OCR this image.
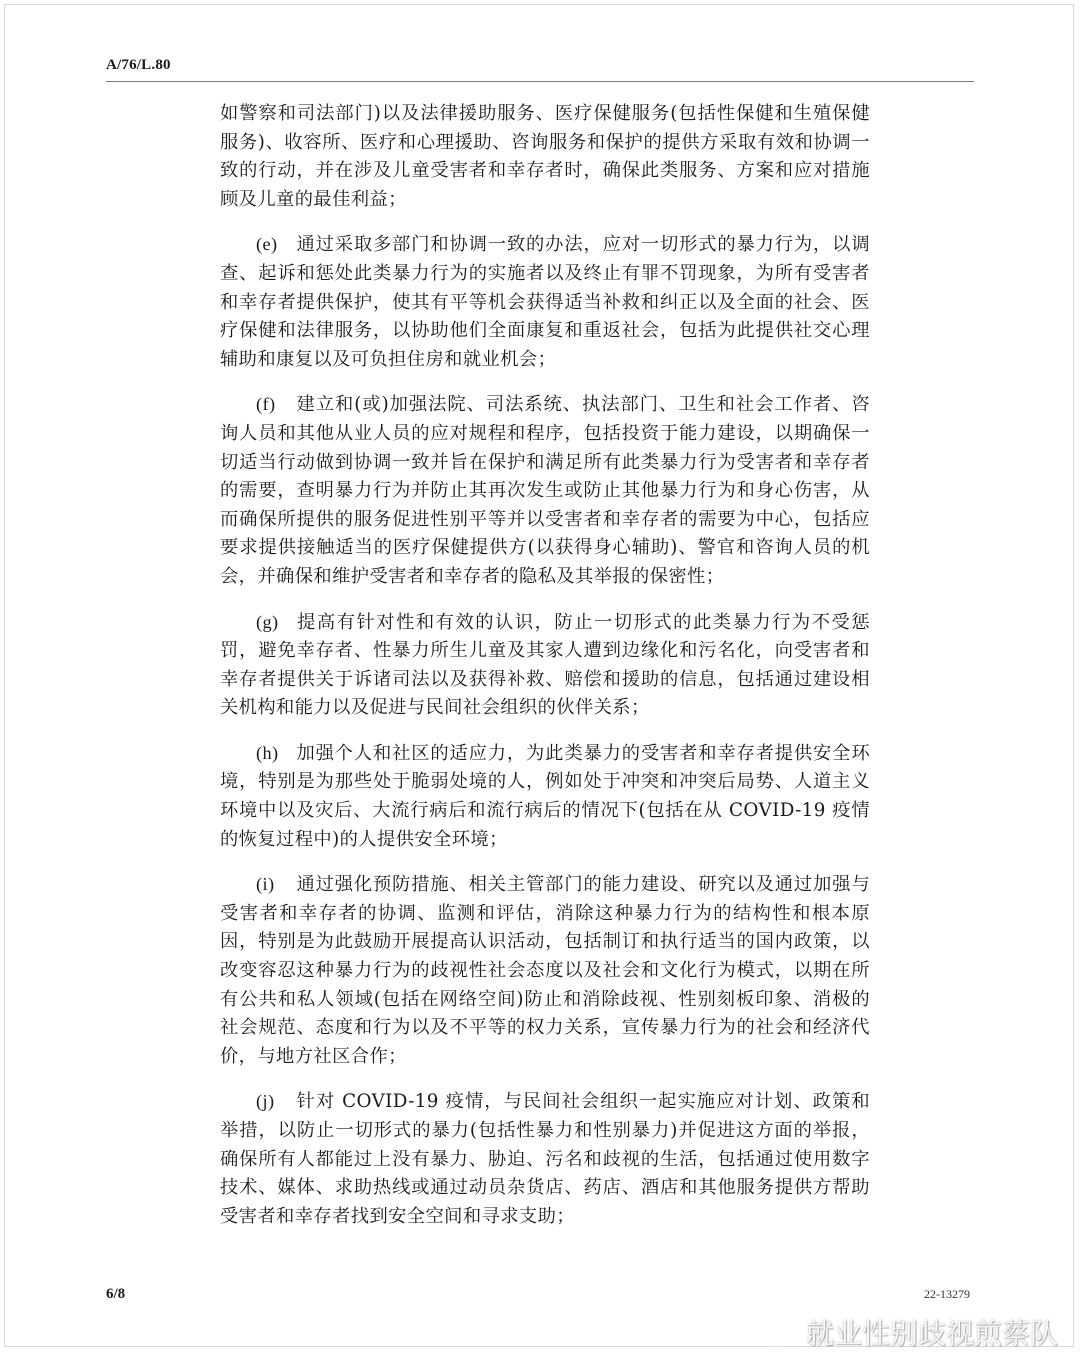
A/76/L.80

如警察和司法部门)以及法律援助服务、医疗保健服务(包括性保健和生殖保健服务)、收容所、医疗和心理援助、咨询服务和保护的提供方采取有效和协调一致的行动，并在涉及儿童受害者和幸存者时，确保此类服务、方案和应对措施顾及儿童的最佳利益；

(e) 通过采取多部门和协调一致的办法，应对一切形式的暴力行为，以调查、起诉和惩处此类暴力行为的实施者以及终止有罪不罚现象，为所有受害者和幸存者提供保护，使其有平等机会获得适当补救和纠正以及全面的社会、医疗保健和法律服务，以协助他们全面康复和重返社会，包括为此提供社交心理辅助和康复以及可负担住房和就业机会；

(f) 建立和(或)加强法院、司法系统、执法部门、卫生和社会工作者、咨询人员和其他从业人员的应对规程和程序，包括投资于能力建设，以期确保一切适当行动做到协调一致并旨在保护和满足所有此类暴力行为受害者和幸存者的需要，查明暴力行为并防止其再次发生或防止其他暴力行为和身心伤害，从而确保所提供的服务促进性别平等并以受害者和幸存者的需要为中心，包括应要求提供接触适当的医疗保健提供方(以获得身心辅助)、警官和咨询人员的机会，并确保和维护受害者和幸存者的隐私及其举报的保密性；

(g) 提高有针对性和有效的认识，防止一切形式的此类暴力行为不受惩罚，避免幸存者、性暴力所生儿童及其家人遭到边缘化和污名化，向受害者和幸存者提供关于诉诸司法以及获得补救、赔偿和援助的信息，包括通过建设相关机构和能力以及促进与民间社会组织的伙伴关系；

(h) 加强个人和社区的适应力，为此类暴力的受害者和幸存者提供安全环境，特别是为那些处于脆弱处境的人，例如处于冲突和冲突后局势、人道主义环境中以及灾后、大流行病后和流行病后的情况下(包括在从 COVID-19 疫情的恢复过程中)的人提供安全环境；

(i) 通过强化预防措施、相关主管部门的能力建设、研究以及通过加强与受害者和幸存者的协调、监测和评估，消除这种暴力行为的结构性和根本原因，特别是为此鼓励开展提高认识活动，包括制订和执行适当的国内政策，以改变容忍这种暴力行为的歧视性社会态度以及社会和文化行为模式，以期在所有公共和私人领域(包括在网络空间)防止和消除歧视、性别刻板印象、消极的社会规范、态度和行为以及不平等的权力关系，宣传暴力行为的社会和经济代价，与地方社区合作；

(j) 针对 COVID-19 疫情，与民间社会组织一起实施应对计划、政策和举措，以防止一切形式的暴力(包括性暴力和性别暴力)并促进这方面的举报，确保所有人都能过上没有暴力、胁迫、污名和歧视的生活，包括通过使用数字技术、媒体、求助热线或通过动员杂货店、药店、酒店和其他服务提供方帮助受害者和幸存者找到安全空间和寻求支助；

6/8	22-13279
就业性别歧视煎蔡队
